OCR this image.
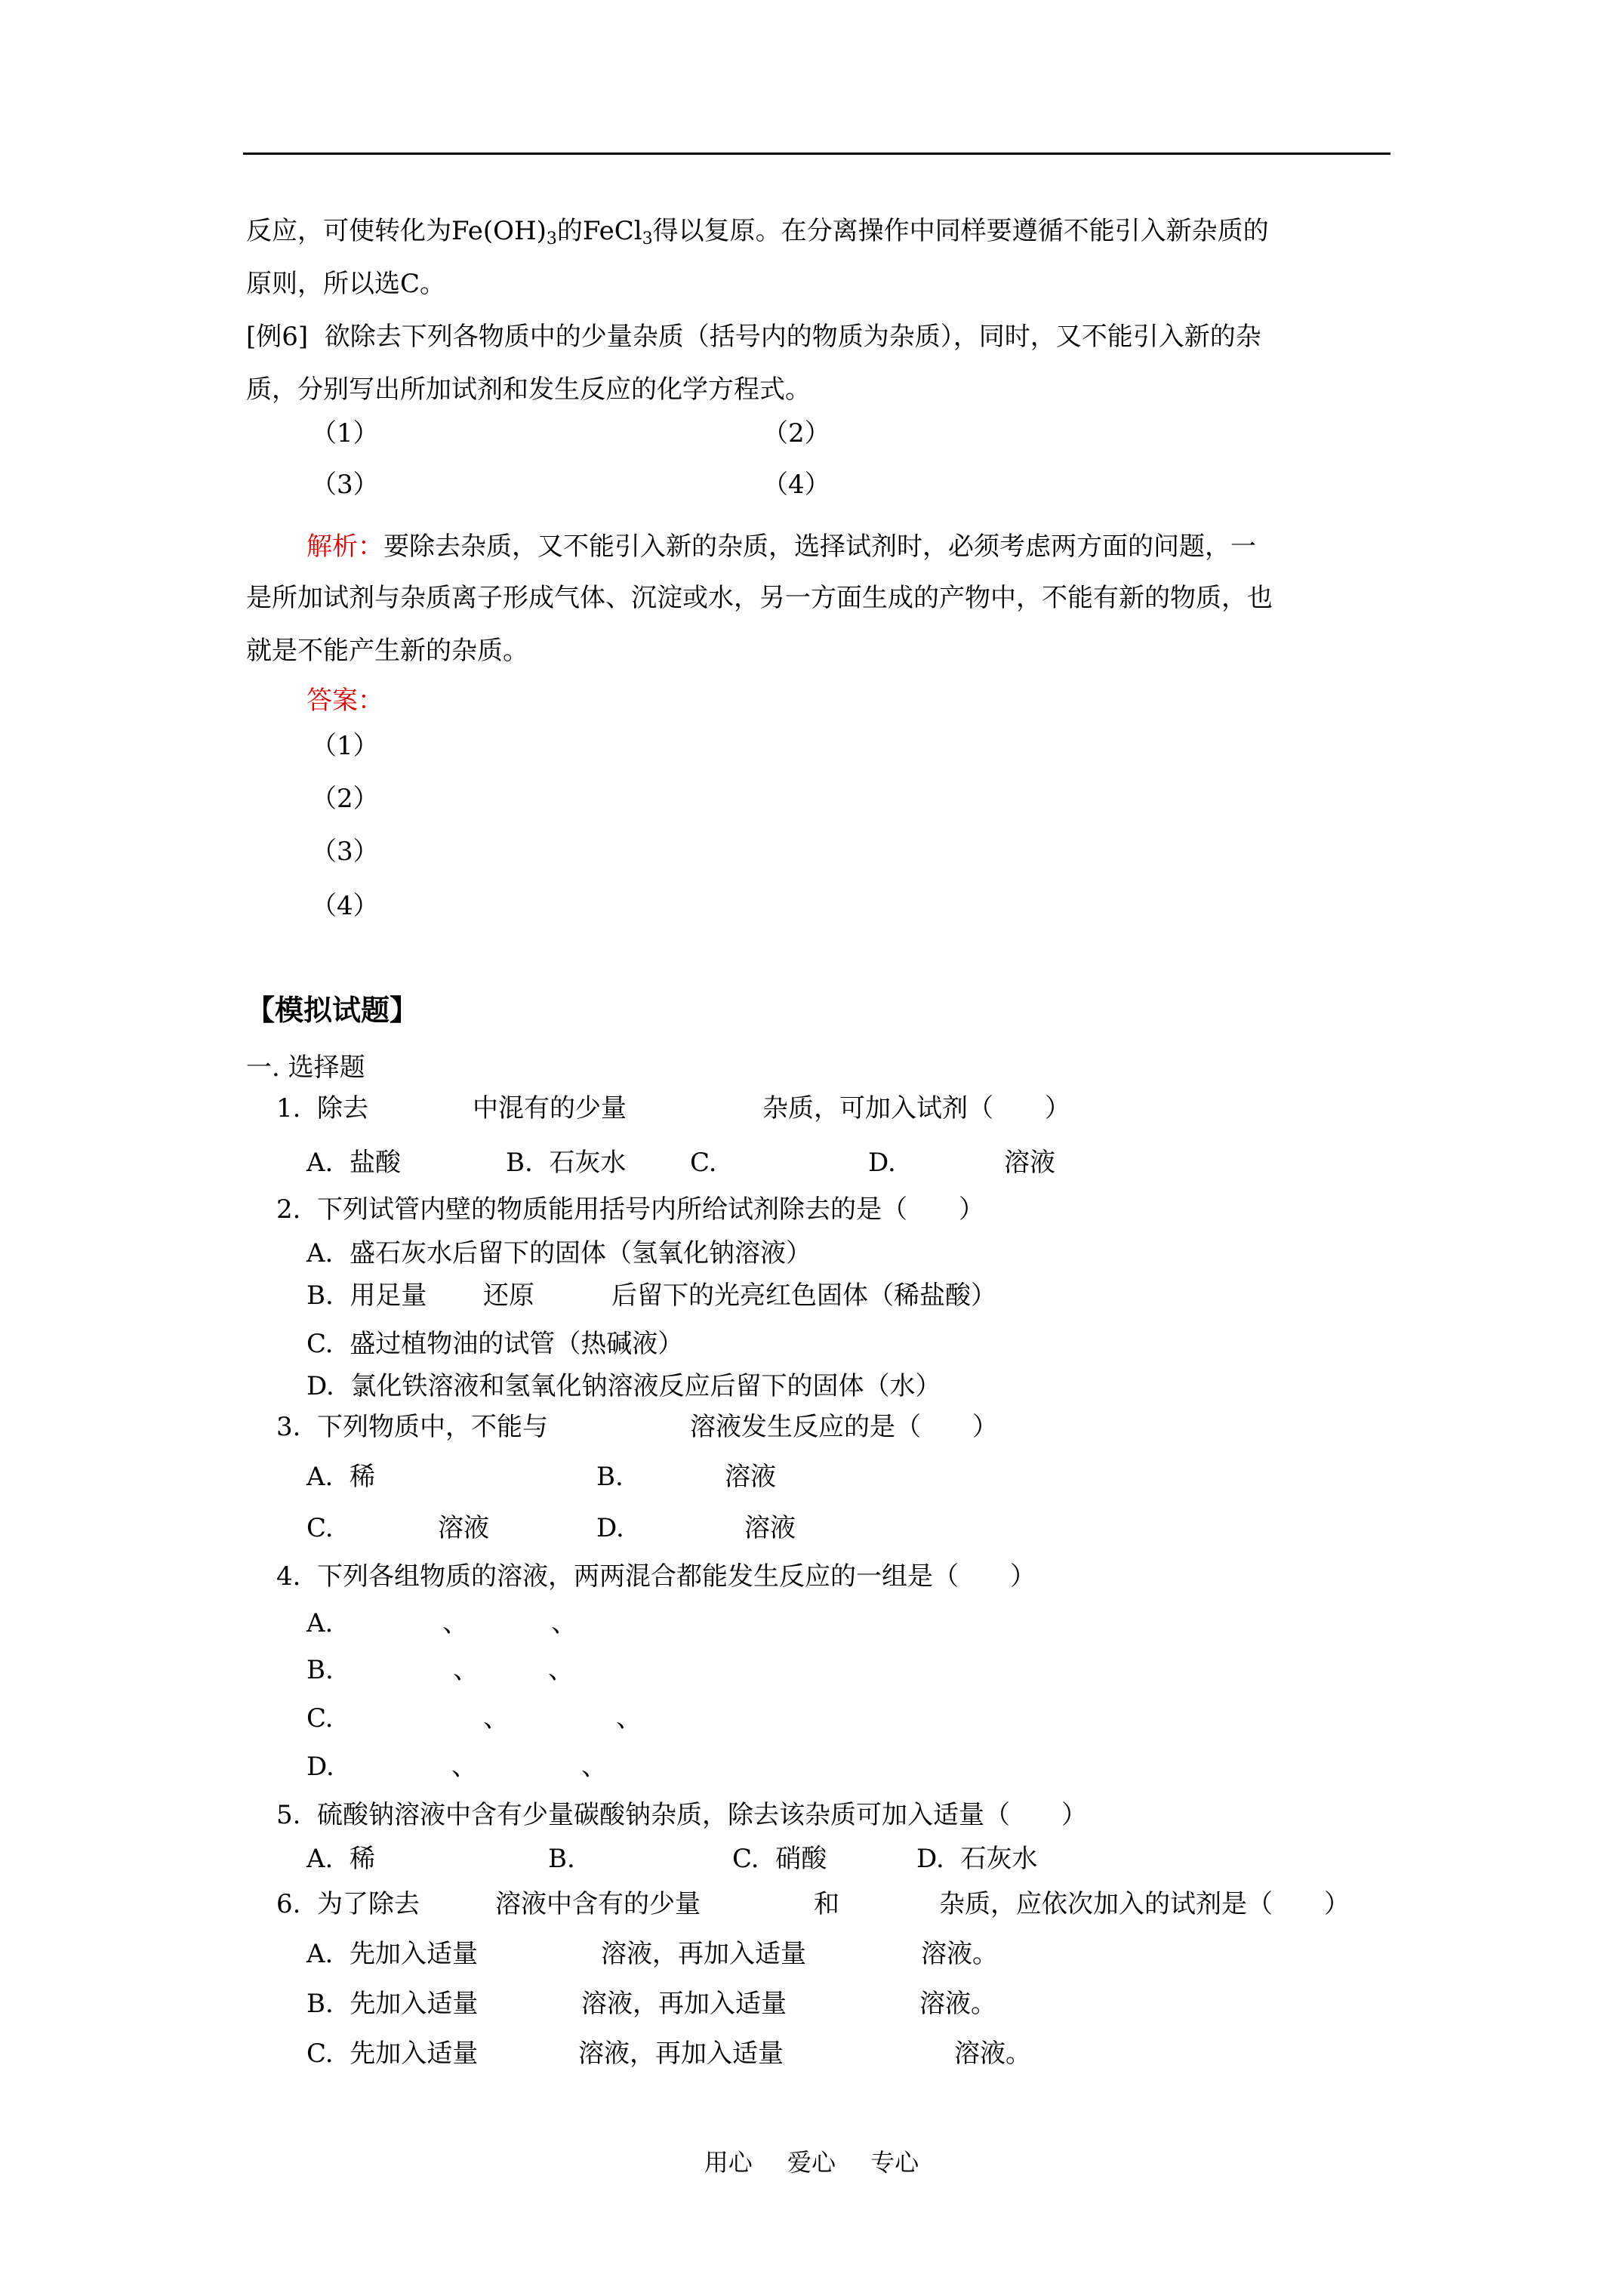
反应，可使转化为$Fe(OH)_3$的FeCl$_3$得以复原。在分离操作中同样要遵循不能引入新杂质的
原则，所以选C。
[例6]  欲除去下列各物质中的少量杂质（括号内的物质为杂质），同时，又不能引入新的杂
质，分别写出所加试剂和发生反应的化学方程式。
（1）	（2）
（3）	（4）
解析：要除去杂质，又不能引入新的杂质，选择试剂时，必须考虑两方面的问题，一
是所加试剂与杂质离子形成气体、沉淀或水，另一方面生成的产物中，不能有新的物质，也
就是不能产生新的杂质。
答案：
（1）
（2）
（3）
（4）
【模拟试题】
一. 选择题
1.  除去	中混有的少量	杂质，可加入试剂（　　）
A.  盐酸	B.  石灰水 C.	D.	溶液
2.  下列试管内壁的物质能用括号内所给试剂除去的是（　　）
A.  盛石灰水后留下的固体（氢氧化钠溶液）
B.  用足量 还原	后留下的光亮红色固体（稀盐酸）
C.  盛过植物油的试管（热碱液）
D.  氯化铁溶液和氢氧化钠溶液反应后留下的固体（水）
3.  下列物质中，不能与	溶液发生反应的是（　　）
A.  稀	B.	溶液
C.	溶液	D.	溶液
4.  下列各组物质的溶液，两两混合都能发生反应的一组是（　　）
A.	、	、
B.	、	、
C.	、	、
D.	、	、
5.  硫酸钠溶液中含有少量碳酸钠杂质，除去该杂质可加入适量（　　）
A.  稀	B.	C.  硝酸	D.  石灰水
6.  为了除去	溶液中含有的少量	和	杂质，应依次加入的试剂是（　　）
A.  先加入适量	溶液，再加入适量	溶液。
B.  先加入适量	溶液，再加入适量	溶液。
C.  先加入适量	溶液，再加入适量	溶液。
用心 爱心 专心
